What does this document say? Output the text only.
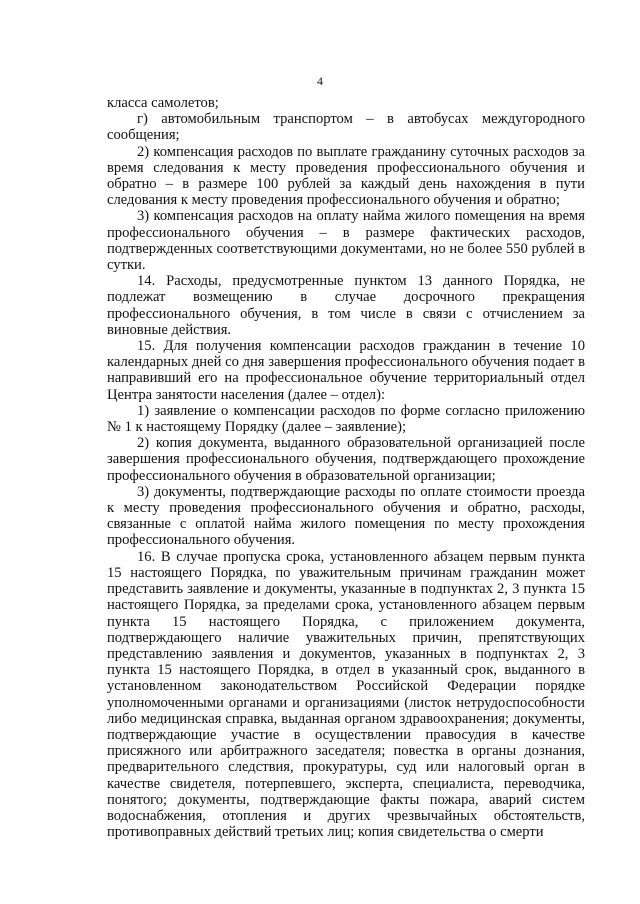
4

класса самолетов;

г) автомобильным транспортом – в автобусах междугородного сообщения;

2) компенсация расходов по выплате гражданину суточных расходов за время следования к месту проведения профессионального обучения и обратно – в размере 100 рублей за каждый день нахождения в пути следования к месту проведения профессионального обучения и обратно;

3) компенсация расходов на оплату найма жилого помещения на время профессионального обучения – в размере фактических расходов, подтвержденных соответствующими документами, но не более 550 рублей в сутки.

14. Расходы, предусмотренные пунктом 13 данного Порядка, не подлежат возмещению в случае досрочного прекращения профессионального обучения, в том числе в связи с отчислением за виновные действия.

15. Для получения компенсации расходов гражданин в течение 10 календарных дней со дня завершения профессионального обучения подает в направивший его на профессиональное обучение территориальный отдел Центра занятости населения (далее – отдел):

1) заявление о компенсации расходов по форме согласно приложению № 1 к настоящему Порядку (далее – заявление);

2) копия документа, выданного образовательной организацией после завершения профессионального обучения, подтверждающего прохождение профессионального обучения в образовательной организации;

3) документы, подтверждающие расходы по оплате стоимости проезда к месту проведения профессионального обучения и обратно, расходы, связанные с оплатой найма жилого помещения по месту прохождения профессионального обучения.

16. В случае пропуска срока, установленного абзацем первым пункта 15 настоящего Порядка, по уважительным причинам гражданин может представить заявление и документы, указанные в подпунктах 2, 3 пункта 15 настоящего Порядка, за пределами срока, установленного абзацем первым пункта 15 настоящего Порядка, с приложением документа, подтверждающего наличие уважительных причин, препятствующих представлению заявления и документов, указанных в подпунктах 2, 3 пункта 15 настоящего Порядка, в отдел в указанный срок, выданного в установленном законодательством Российской Федерации порядке уполномоченными органами и организациями (листок нетрудоспособности либо медицинская справка, выданная органом здравоохранения; документы, подтверждающие участие в осуществлении правосудия в качестве присяжного или арбитражного заседателя; повестка в органы дознания, предварительного следствия, прокуратуры, суд или налоговый орган в качестве свидетеля, потерпевшего, эксперта, специалиста, переводчика, понятого; документы, подтверждающие факты пожара, аварий систем водоснабжения, отопления и других чрезвычайных обстоятельств, противоправных действий третьих лиц; копия свидетельства о смерти
